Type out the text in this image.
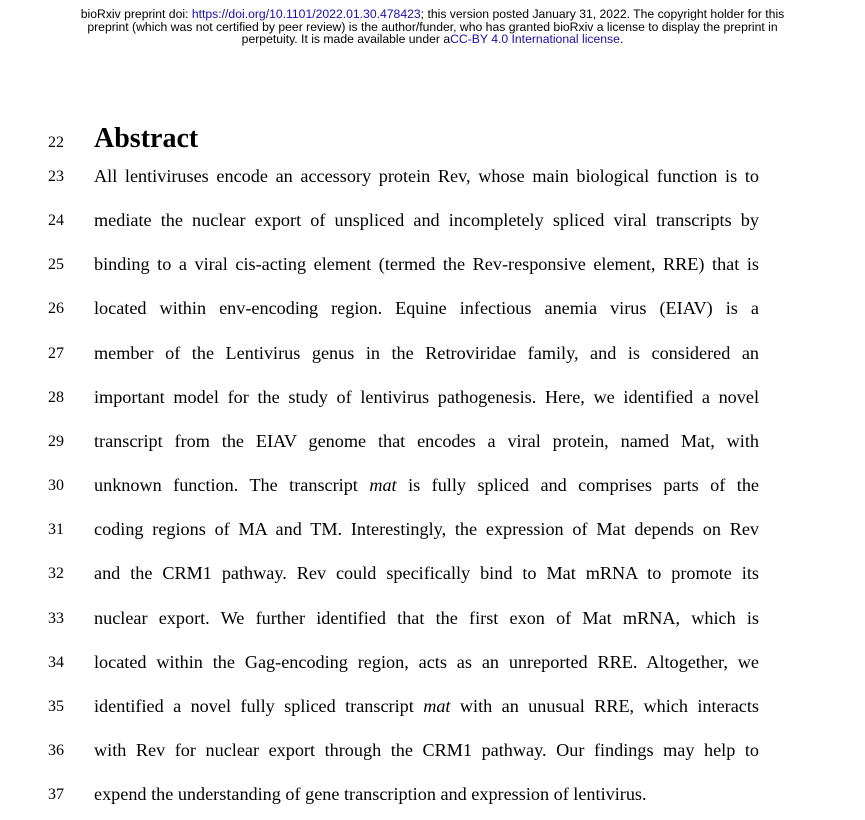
bioRxiv preprint doi: https://doi.org/10.1101/2022.01.30.478423; this version posted January 31, 2022. The copyright holder for this
preprint (which was not certified by peer review) is the author/funder, who has granted bioRxiv a license to display the preprint in
perpetuity. It is made available under aCC-BY 4.0 International license.
22 Abstract
23	All lentiviruses encode an accessory protein Rev, whose main biological function is to
24	mediate the nuclear export of unspliced and incompletely spliced viral transcripts by
25	binding to a viral cis-acting element (termed the Rev-responsive element, RRE) that is
26	located within env-encoding region. Equine infectious anemia virus (EIAV) is a
27	member of the Lentivirus genus in the Retroviridae family, and is considered an
28	important model for the study of lentivirus pathogenesis. Here, we identified a novel
29	transcript from the EIAV genome that encodes a viral protein, named Mat, with
30	unknown function. The transcript mat is fully spliced and comprises parts of the
31	coding regions of MA and TM. Interestingly, the expression of Mat depends on Rev
32	and the CRM1 pathway. Rev could specifically bind to Mat mRNA to promote its
33	nuclear export. We further identified that the first exon of Mat mRNA, which is
34	located within the Gag-encoding region, acts as an unreported RRE. Altogether, we
35	identified a novel fully spliced transcript mat with an unusual RRE, which interacts
36	with Rev for nuclear export through the CRM1 pathway. Our findings may help to
37	expend the understanding of gene transcription and expression of lentivirus.
